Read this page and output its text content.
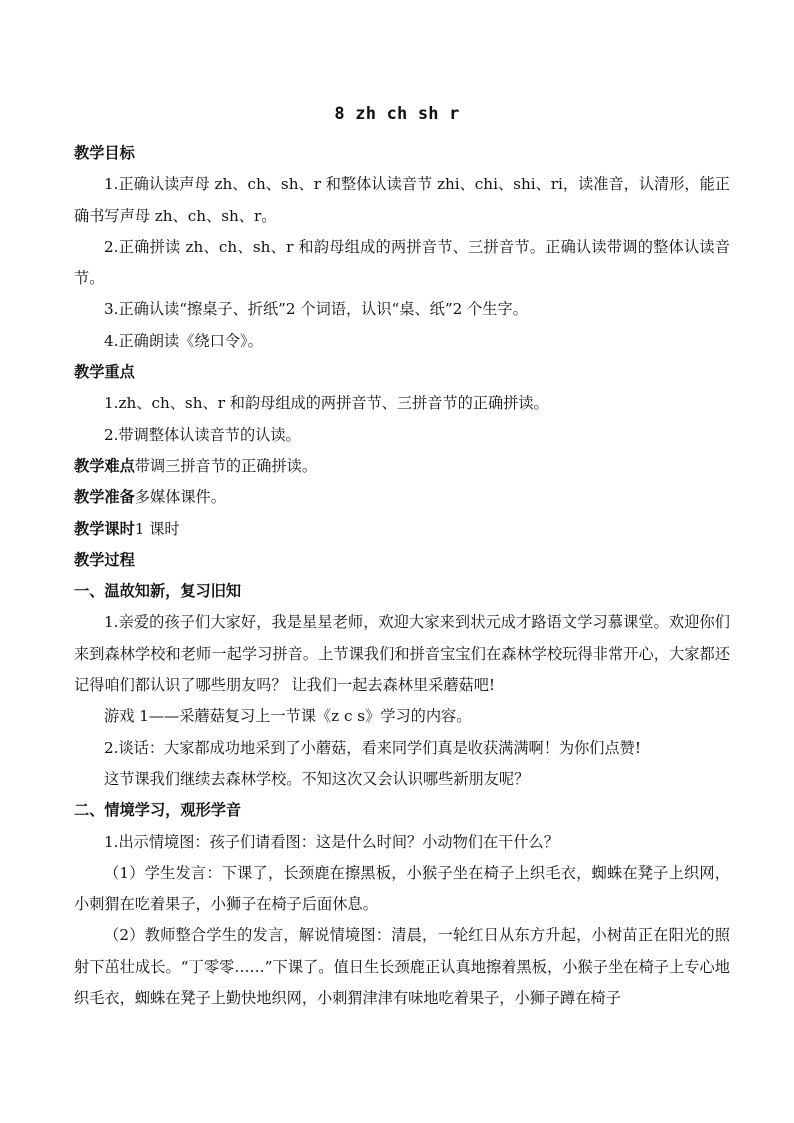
8 zh ch sh r

教学目标

1.正确认读声母 zh、ch、sh、r 和整体认读音节 zhi、chi、shi、ri，读准音，认清形，能正确书写声母 zh、ch、sh、r。

2.正确拼读 zh、ch、sh、r 和韵母组成的两拼音节、三拼音节。正确认读带调的整体认读音节。

3.正确认读“擦桌子、折纸”2 个词语，认识“桌、纸”2 个生字。

4.正确朗读《绕口令》。

教学重点

1.zh、ch、sh、r 和韵母组成的两拼音节、三拼音节的正确拼读。

2.带调整体认读音节的认读。

教学难点带调三拼音节的正确拼读。

教学准备多媒体课件。

教学课时1 课时

教学过程

一、温故知新，复习旧知

1.亲爱的孩子们大家好，我是星星老师，欢迎大家来到状元成才路语文学习慕课堂。欢迎你们来到森林学校和老师一起学习拼音。上节课我们和拼音宝宝们在森林学校玩得非常开心，大家都还记得咱们都认识了哪些朋友吗？ 让我们一起去森林里采蘑菇吧!

游戏 1——采蘑菇复习上一节课《z c s》学习的内容。

2.谈话：大家都成功地采到了小蘑菇，看来同学们真是收获满满啊！为你们点赞!

这节课我们继续去森林学校。不知这次又会认识哪些新朋友呢？

二、情境学习，观形学音

1.出示情境图：孩子们请看图：这是什么时间？小动物们在干什么？

（1）学生发言：下课了，长颈鹿在擦黑板，小猴子坐在椅子上织毛衣，蜘蛛在凳子上织网，小刺猬在吃着果子，小狮子在椅子后面休息。

（2）教师整合学生的发言，解说情境图：清晨，一轮红日从东方升起，小树苗正在阳光的照射下茁壮成长。“丁零零……”下课了。值日生长颈鹿正认真地擦着黑板，小猴子坐在椅子上专心地织毛衣，蜘蛛在凳子上勤快地织网，小刺猬津津有味地吃着果子，小狮子蹲在椅子
